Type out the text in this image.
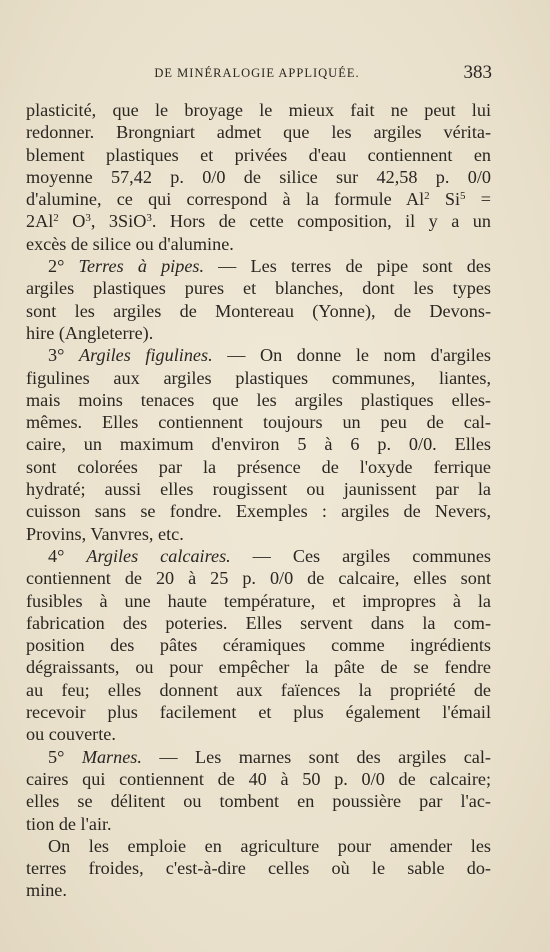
DE MINÉRALOGIE APPLIQUÉE.	383
plasticité, que le broyage le mieux fait ne peut lui
redonner. Brongniart admet que les argiles vérita-
blement plastiques et privées d'eau contiennent en
moyenne 57,42 p. 0/0 de silice sur 42,58 p. 0/0
d'alumine, ce qui correspond à la formule Al$^2$ $Si^5$ =
$2Al^2$ $O^3$, 3SiO$^3$. Hors de cette composition, il y a un
excès de silice ou d'alumine.
2° Terres à pipes. — Les terres de pipe sont des
argiles plastiques pures et blanches, dont les types
sont les argiles de Montereau (Yonne), de Devons-
hire (Angleterre).
3° Argiles figulines. — On donne le nom d'argiles
figulines aux argiles plastiques communes, liantes,
mais moins tenaces que les argiles plastiques elles-
mêmes. Elles contiennent toujours un peu de cal-
caire, un maximum d'environ 5 à 6 p. 0/0. Elles
sont colorées par la présence de l'oxyde ferrique
hydraté; aussi elles rougissent ou jaunissent par la
cuisson sans se fondre. Exemples : argiles de Nevers,
Provins, Vanvres, etc.
4° Argiles calcaires. — Ces argiles communes
contiennent de 20 à 25 p. 0/0 de calcaire, elles sont
fusibles à une haute température, et impropres à la
fabrication des poteries. Elles servent dans la com-
position des pâtes céramiques comme ingrédients
dégraissants, ou pour empêcher la pâte de se fendre
au feu; elles donnent aux faïences la propriété de
recevoir plus facilement et plus également l'émail
ou couverte.
5° Marnes. — Les marnes sont des argiles cal-
caires qui contiennent de 40 à 50 p. 0/0 de calcaire;
elles se délitent ou tombent en poussière par l'ac-
tion de l'air.
On les emploie en agriculture pour amender les
terres froides, c'est-à-dire celles où le sable do-
mine.
